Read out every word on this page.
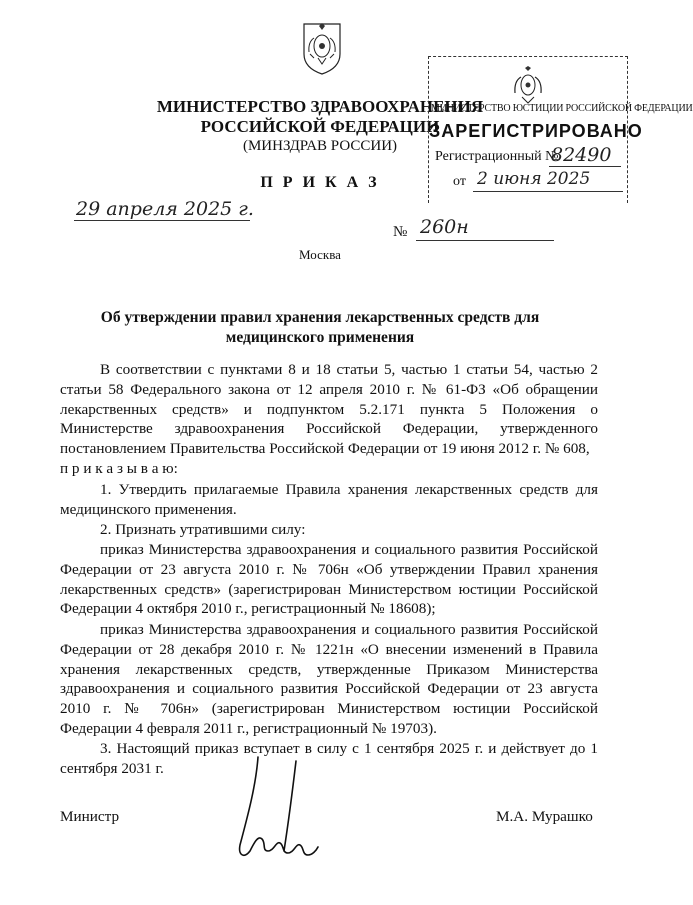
МИНИСТЕРСТВО ЗДРАВООХРАНЕНИЯ
РОССИЙСКОЙ ФЕДЕРАЦИИ
(МИНЗДРАВ РОССИИ)
П Р И К А З
29 апреля 2025 г.
№ 260н
Москва
МИНИСТЕРСТВО ЮСТИЦИИ РОССИЙСКОЙ ФЕДЕРАЦИИ
ЗАРЕГИСТРИРОВАНО
Регистрационный №
82490
от 2 июня 2025
Об утверждении правил хранения лекарственных средств для
медицинского применения
В соответствии с пунктами 8 и 18 статьи 5, частью 1 статьи 54, частью 2 статьи 58 Федерального закона от 12 апреля 2010 г. № 61-ФЗ «Об обращении лекарственных средств» и подпунктом 5.2.171 пункта 5 Положения о Министерстве здравоохранения Российской Федерации, утвержденного постановлением Правительства Российской Федерации от 19 июня 2012 г. № 608,
п р и к а з ы в а ю:
1. Утвердить прилагаемые Правила хранения лекарственных средств для медицинского применения.
2. Признать утратившими силу:
приказ Министерства здравоохранения и социального развития Российской Федерации от 23 августа 2010 г. № 706н «Об утверждении Правил хранения лекарственных средств» (зарегистрирован Министерством юстиции Российской Федерации 4 октября 2010 г., регистрационный № 18608);
приказ Министерства здравоохранения и социального развития Российской Федерации от 28 декабря 2010 г. № 1221н «О внесении изменений в Правила хранения лекарственных средств, утвержденные Приказом Министерства здравоохранения и социального развития Российской Федерации от 23 августа 2010 г. № 706н» (зарегистрирован Министерством юстиции Российской Федерации 4 февраля 2011 г., регистрационный № 19703).
3. Настоящий приказ вступает в силу с 1 сентября 2025 г. и действует до 1 сентября 2031 г.
Министр	М.А. Мурашко
